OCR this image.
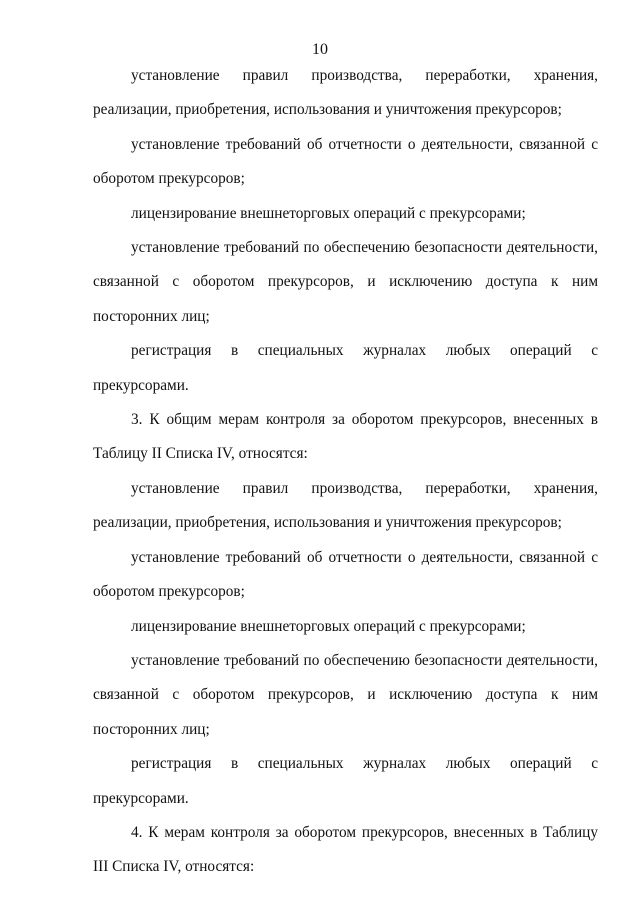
10

установление правил производства, переработки, хранения, реализации, приобретения, использования и уничтожения прекурсоров;

установление требований об отчетности о деятельности, связанной с оборотом прекурсоров;

лицензирование внешнеторговых операций с прекурсорами;

установление требований по обеспечению безопасности деятельности, связанной с оборотом прекурсоров, и исключению доступа к ним посторонних лиц;

регистрация в специальных журналах любых операций с прекурсорами.

3. К общим мерам контроля за оборотом прекурсоров, внесенных в Таблицу II Списка IV, относятся:

установление правил производства, переработки, хранения, реализации, приобретения, использования и уничтожения прекурсоров;

установление требований об отчетности о деятельности, связанной с оборотом прекурсоров;

лицензирование внешнеторговых операций с прекурсорами;

установление требований по обеспечению безопасности деятельности, связанной с оборотом прекурсоров, и исключению доступа к ним посторонних лиц;

регистрация в специальных журналах любых операций с прекурсорами.

4. К мерам контроля за оборотом прекурсоров, внесенных в Таблицу III Списка IV, относятся:
